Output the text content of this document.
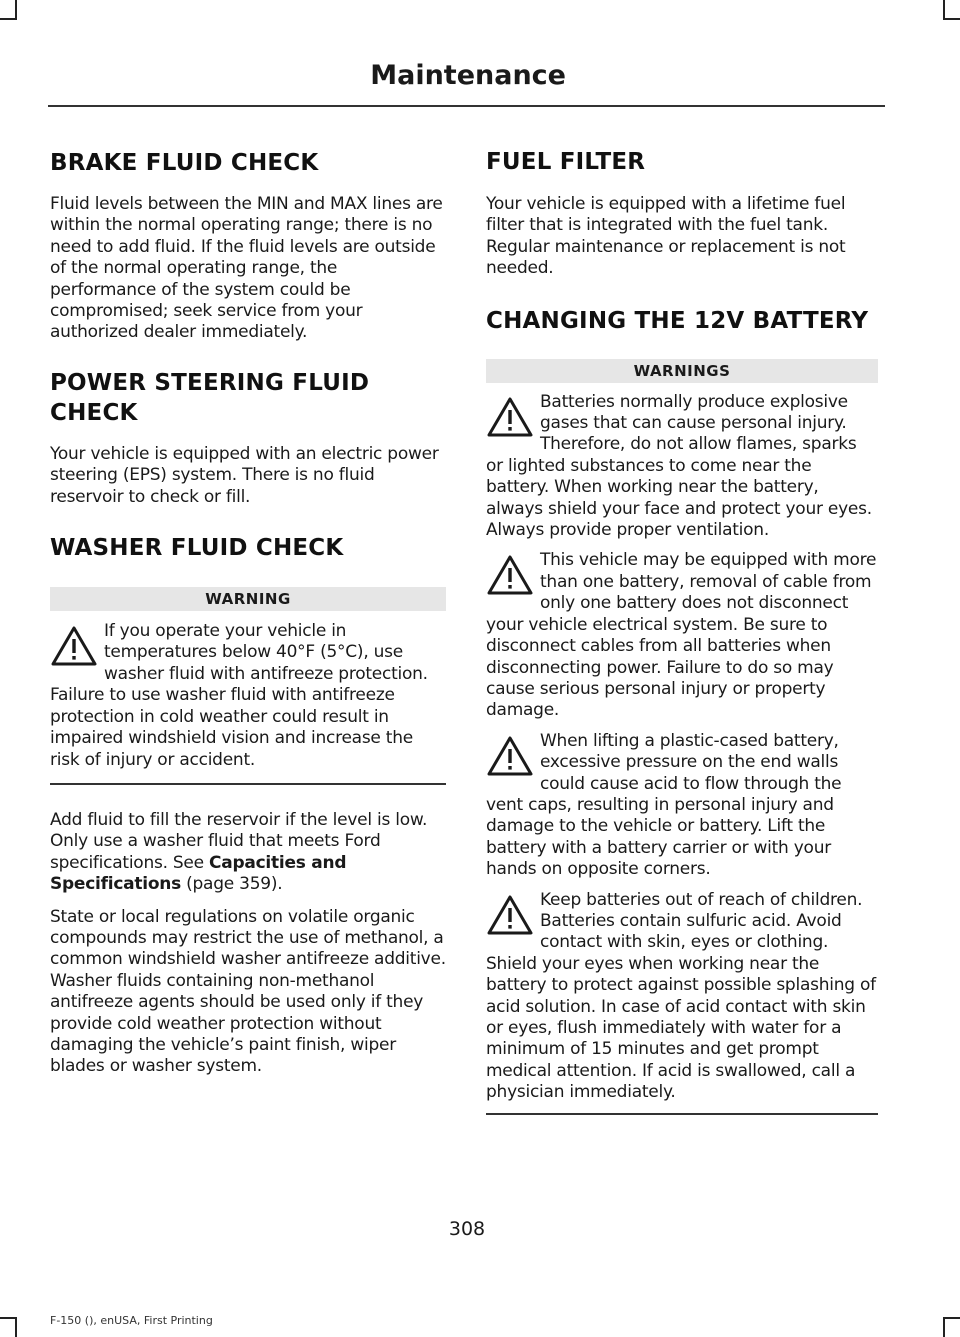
Maintenance
BRAKE FLUID CHECK

Fluid levels between the MIN and MAX lines are within the normal operating range; there is no need to add fluid. If the fluid levels are outside of the normal operating range, the performance of the system could be compromised; seek service from your authorized dealer immediately.

POWER STEERING FLUID
CHECK

Your vehicle is equipped with an electric power steering (EPS) system. There is no fluid reservoir to check or fill.

WASHER FLUID CHECK
WARNING

If you operate your vehicle in temperatures below 40°F (5°C), use washer fluid with antifreeze protection. Failure to use washer fluid with antifreeze protection in cold weather could result in impaired windshield vision and increase the risk of injury or accident.

Add fluid to fill the reservoir if the level is low. Only use a washer fluid that meets Ford specifications. See Capacities and Specifications (page 359).

State or local regulations on volatile organic compounds may restrict the use of methanol, a common windshield washer antifreeze additive. Washer fluids containing non-methanol antifreeze agents should be used only if they provide cold weather protection without damaging the vehicle’s paint finish, wiper blades or washer system.

FUEL FILTER

Your vehicle is equipped with a lifetime fuel filter that is integrated with the fuel tank. Regular maintenance or replacement is not needed.

CHANGING THE 12V BATTERY
WARNINGS

Batteries normally produce explosive gases that can cause personal injury. Therefore, do not allow flames, sparks or lighted substances to come near the battery. When working near the battery, always shield your face and protect your eyes. Always provide proper ventilation.

This vehicle may be equipped with more than one battery, removal of cable from only one battery does not disconnect your vehicle electrical system. Be sure to disconnect cables from all batteries when disconnecting power. Failure to do so may cause serious personal injury or property damage.

When lifting a plastic-cased battery, excessive pressure on the end walls could cause acid to flow through the vent caps, resulting in personal injury and damage to the vehicle or battery. Lift the battery with a battery carrier or with your hands on opposite corners.

Keep batteries out of reach of children. Batteries contain sulfuric acid. Avoid contact with skin, eyes or clothing. Shield your eyes when working near the battery to protect against possible splashing of acid solution. In case of acid contact with skin or eyes, flush immediately with water for a minimum of 15 minutes and get prompt medical attention. If acid is swallowed, call a physician immediately.

308
F-150 (), enUSA, First Printing
